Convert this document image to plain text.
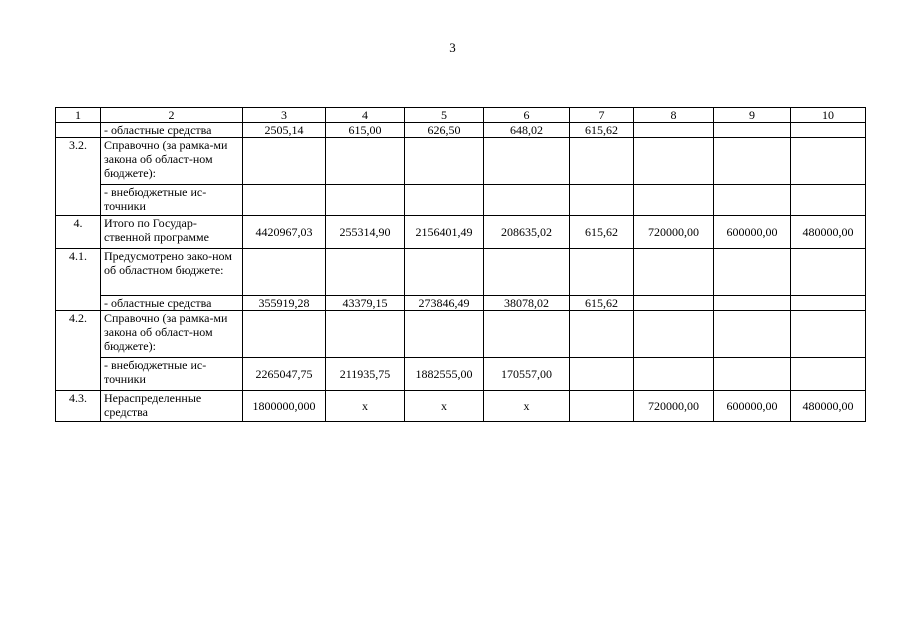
3
1	2	3	4	5	6	7	8	9	10
	- областные средства	2505,14	615,00	626,50	648,02	615,62			
3.2.	Справочно (за рамка-ми закона об област-ном бюджете):								
	- внебюджетные ис-точники								
4.	Итого по Государ-ственной программе	4420967,03	255314,90	2156401,49	208635,02	615,62	720000,00	600000,00	480000,00
4.1.	Предусмотрено зако-ном об областном бюджете:								
	- областные средства	355919,28	43379,15	273846,49	38078,02	615,62			
4.2.	Справочно (за рамка-ми закона об област-ном бюджете):								
	- внебюджетные ис-точники	2265047,75	211935,75	1882555,00	170557,00				
4.3.	Нераспределенные средства	1800000,000	х	х	х		720000,00	600000,00	480000,00
